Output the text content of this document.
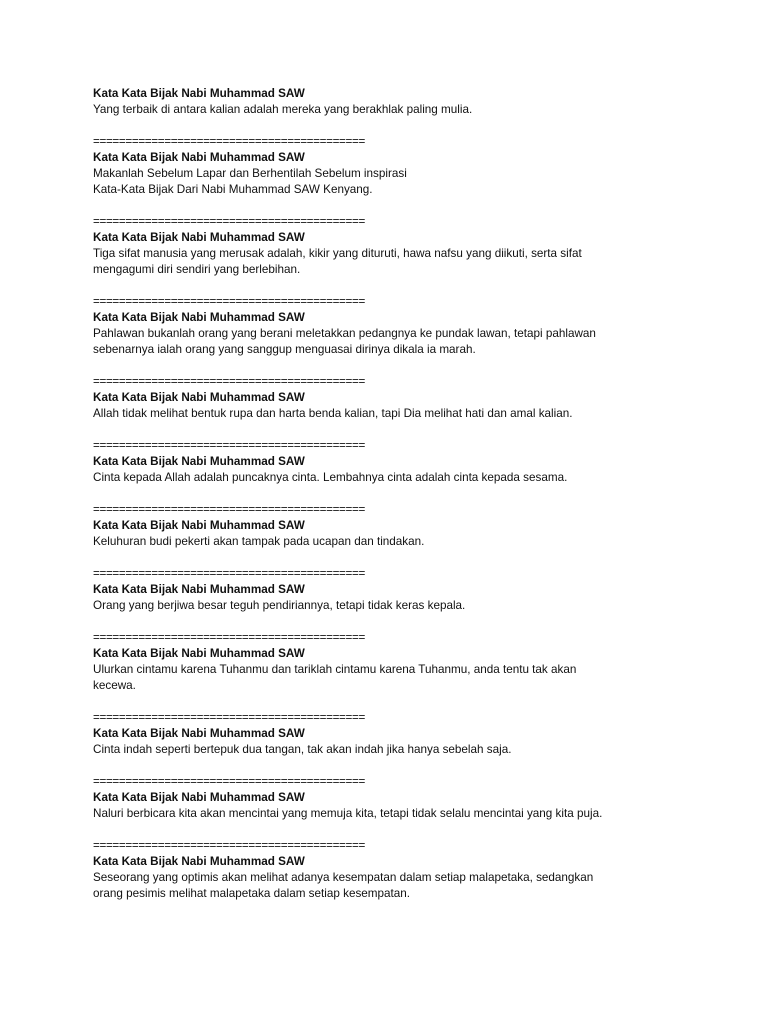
Kata Kata Bijak Nabi Muhammad SAW
Yang terbaik di antara kalian adalah mereka yang berakhlak paling mulia.
==========================================
Kata Kata Bijak Nabi Muhammad SAW
Makanlah Sebelum Lapar dan Berhentilah Sebelum inspirasi
Kata-Kata Bijak Dari Nabi Muhammad SAW Kenyang.
==========================================
Kata Kata Bijak Nabi Muhammad SAW
Tiga sifat manusia yang merusak adalah, kikir yang dituruti, hawa nafsu yang diikuti, serta sifat
mengagumi diri sendiri yang berlebihan.
==========================================
Kata Kata Bijak Nabi Muhammad SAW
Pahlawan bukanlah orang yang berani meletakkan pedangnya ke pundak lawan, tetapi pahlawan
sebenarnya ialah orang yang sanggup menguasai dirinya dikala ia marah.
==========================================
Kata Kata Bijak Nabi Muhammad SAW
Allah tidak melihat bentuk rupa dan harta benda kalian, tapi Dia melihat hati dan amal kalian.
==========================================
Kata Kata Bijak Nabi Muhammad SAW
Cinta kepada Allah adalah puncaknya cinta. Lembahnya cinta adalah cinta kepada sesama.
==========================================
Kata Kata Bijak Nabi Muhammad SAW
Keluhuran budi pekerti akan tampak pada ucapan dan tindakan.
==========================================
Kata Kata Bijak Nabi Muhammad SAW
Orang yang berjiwa besar teguh pendiriannya, tetapi tidak keras kepala.
==========================================
Kata Kata Bijak Nabi Muhammad SAW
Ulurkan cintamu karena Tuhanmu dan tariklah cintamu karena Tuhanmu, anda tentu tak akan
kecewa.
==========================================
Kata Kata Bijak Nabi Muhammad SAW
Cinta indah seperti bertepuk dua tangan, tak akan indah jika hanya sebelah saja.
==========================================
Kata Kata Bijak Nabi Muhammad SAW
Naluri berbicara kita akan mencintai yang memuja kita, tetapi tidak selalu mencintai yang kita puja.
==========================================
Kata Kata Bijak Nabi Muhammad SAW
Seseorang yang optimis akan melihat adanya kesempatan dalam setiap malapetaka, sedangkan
orang pesimis melihat malapetaka dalam setiap kesempatan.
